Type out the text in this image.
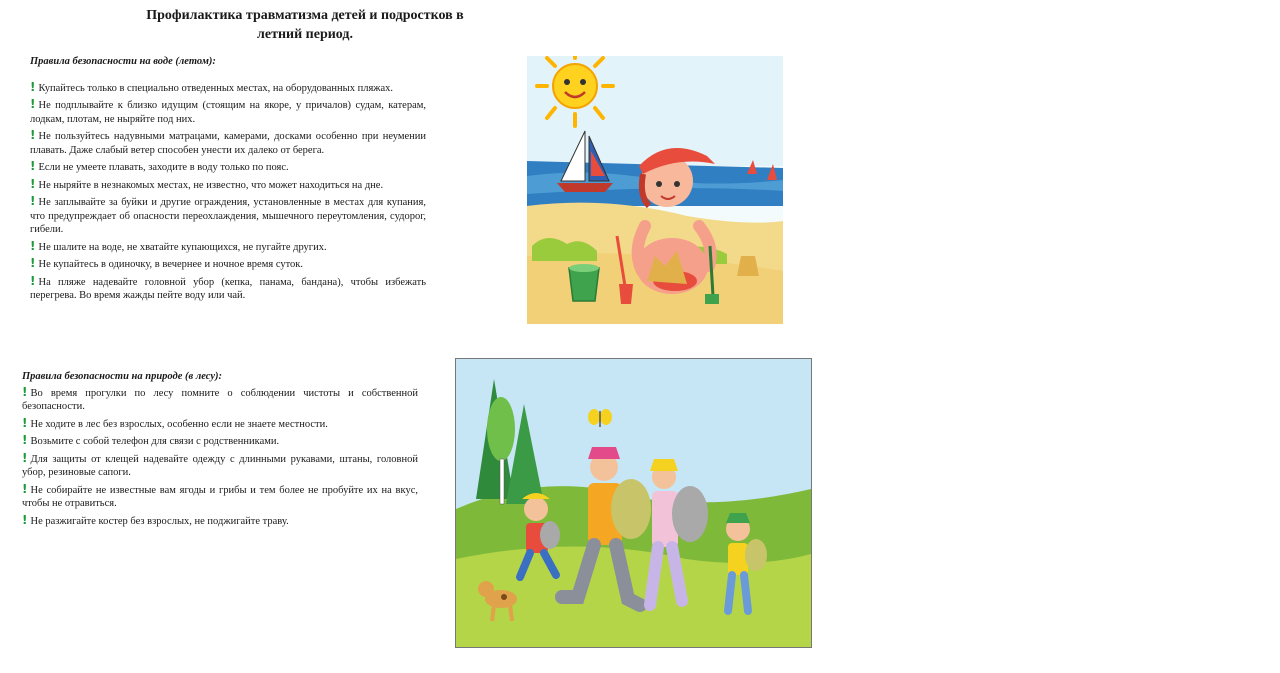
Профилактика травматизма детей и подростков в
летний период.
Правила безопасности на воде (летом):
! Купайтесь только в специально отведенных местах, на оборудованных пляжах.
! Не подплывайте к близко идущим (стоящим на якоре, у причалов) судам, катерам, лодкам, плотам, не ныряйте под них.
! Не пользуйтесь надувными матрацами, камерами, досками особенно при неумении плавать. Даже слабый ветер способен унести их далеко от берега.
! Если не умеете плавать, заходите в воду только по пояс.
! Не ныряйте в незнакомых местах, не известно, что может находиться на дне.
! Не заплывайте за буйки и другие ограждения, установленные в местах для купания, что предупреждает об опасности переохлаждения, мышечного переутомления, судорог, гибели.
! Не шалите на воде, не хватайте купающихся, не пугайте других.
! Не купайтесь в одиночку, в вечернее и ночное время суток.
! На пляже надевайте головной убор (кепка, панама, бандана), чтобы избежать перегрева. Во время жажды пейте воду или чай.
Правила безопасности на природе (в лесу):
! Во время прогулки по лесу помните о соблюдении чистоты и собственной безопасности.
! Не ходите в лес без взрослых, особенно если не знаете местности.
! Возьмите с собой телефон для связи с родственниками.
! Для защиты от клещей надевайте одежду с длинными рукавами, штаны, головной убор, резиновые сапоги.
! Не собирайте не известные вам ягоды и грибы и тем более не пробуйте их на вкус, чтобы не отравиться.
! Не разжигайте костер без взрослых, не поджигайте траву.
